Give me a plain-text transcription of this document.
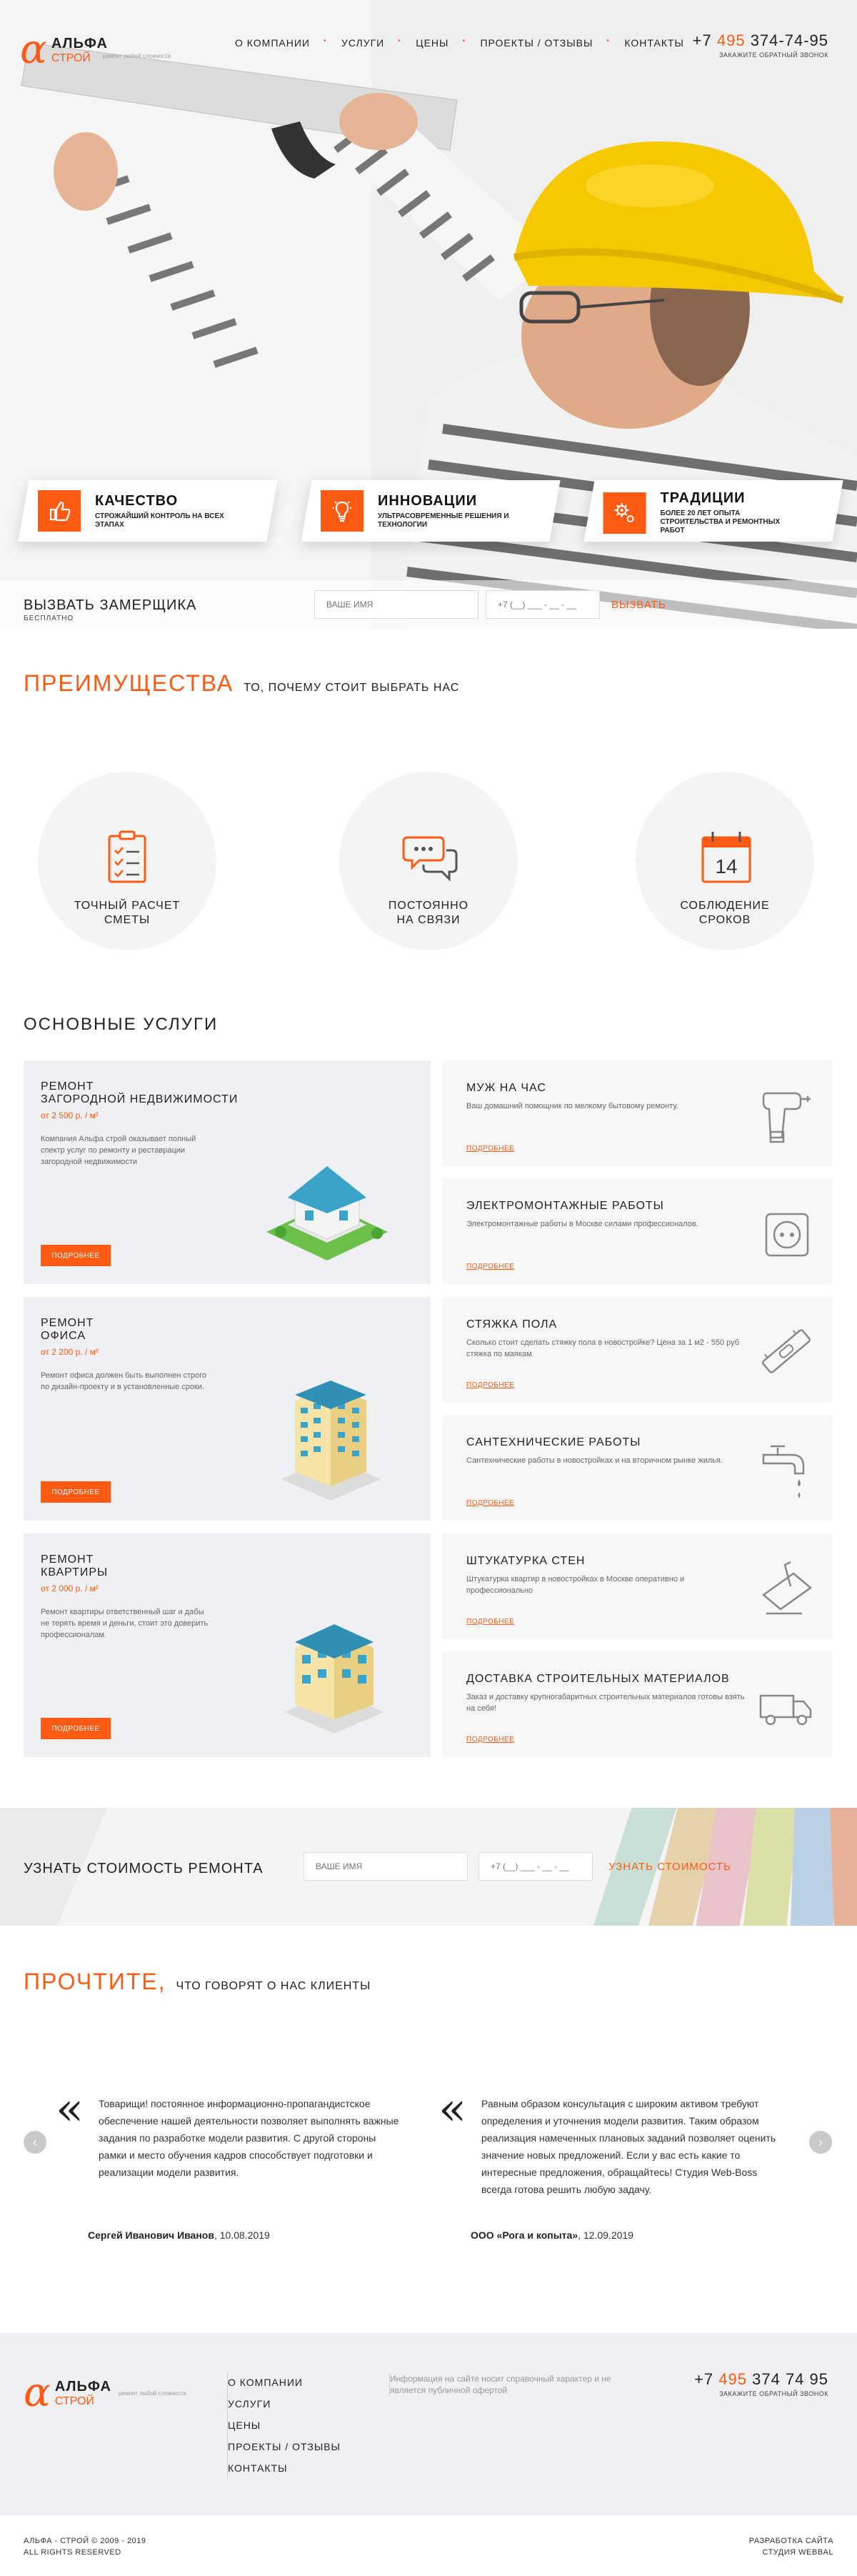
α АЛЬФА
СТРОЙ	ремонт любой сложности
О КОМПАНИИ	• УСЛУГИ	• ЦЕНЫ	• ПРОЕКТЫ / ОТЗЫВЫ	• КОНТАКТЫ +7 495 374-74-95
ЗАКАЖИТЕ ОБРАТНЫЙ ЗВОНОК
КАЧЕСТВО
СТРОЖАЙШИЙ КОНТРОЛЬ НА ВСЕХ ЭТАПАХ
ИННОВАЦИИ
УЛЬТРАСОВРЕМЕННЫЕ РЕШЕНИЯ И ТЕХНОЛОГИИ
ТРАДИЦИИ
БОЛЕЕ 20 ЛЕТ ОПЫТА СТРОИТЕЛЬСТВА И РЕМОНТНЫХ РАБОТ
ВЫЗВАТЬ ЗАМЕРЩИКА
БЕСПЛАТНО
ВАШЕ ИМЯ
+7 (__) ___ - __ - __
ВЫЗВАТЬ
ПРЕИМУЩЕСТВА ТО, ПОЧЕМУ СТОИТ ВЫБРАТЬ НАС
14
ТОЧНЫЙ РАСЧЕТ
СМЕТЫ
ПОСТОЯННО
НА СВЯЗИ
СОБЛЮДЕНИЕ
СРОКОВ
ОСНОВНЫЕ УСЛУГИ
РЕМОНТ
ЗАГОРОДНОЙ НЕДВИЖИМОСТИ
от 2 500 р. / м²
Компания Альфа строй оказывает полный спектр услуг по ремонту и реставрации загородной недвижимости
ПОДРОБНЕЕ
РЕМОНТ
ОФИСА
от 2 200 р. / м²
Ремонт офиса должен быть выполнен строго по дизайн-проекту и в установленные сроки.
ПОДРОБНЕЕ
РЕМОНТ
КВАРТИРЫ
от 2 000 р. / м²
Ремонт квартиры ответственный шаг и дабы не терять время и деньги, стоит это доверить профессионалам.
ПОДРОБНЕЕ
МУЖ НА ЧАС
Ваш домашний помощник по мелкому бытовому ремонту.
ПОДРОБНЕЕ
ЭЛЕКТРОМОНТАЖНЫЕ РАБОТЫ
Электромонтажные работы в Москве силами профессионалов.
ПОДРОБНЕЕ
СТЯЖКА ПОЛА
Сколько стоит сделать стяжку пола в новостройке? Цена за 1 м2 - 550 руб стяжка по маякам.
ПОДРОБНЕЕ
САНТЕХНИЧЕСКИЕ РАБОТЫ
Сантехнические работы в новостройках и на вторичном рынке жилья.
ПОДРОБНЕЕ
ШТУКАТУРКА СТЕН
Штукатурка квартир в новостройках в Москве оперативно и профессионально
ПОДРОБНЕЕ
ДОСТАВКА СТРОИТЕЛЬНЫХ МАТЕРИАЛОВ
Заказ и доставку крупногабаритных строительных материалов готовы взять на себя!
ПОДРОБНЕЕ
УЗНАТЬ СТОИМОСТЬ РЕМОНТА
ВАШЕ ИМЯ
+7 (__) ___ - __ - __	УЗНАТЬ СТОИМОСТЬ
ПРОЧТИТЕ, ЧТО ГОВОРЯТ О НАС КЛИЕНТЫ
‹	›
« Товарищи! постоянное информационно-пропагандистское обеспечение нашей деятельности позволяет выполнять важные задания по разработке модели развития. С другой стороны рамки и место обучения кадров способствует подготовки и реализации модели развития.
Сергей Иванович Иванов, 10.08.2019
« Равным образом консультация с широким активом требуют определения и уточнения модели развития. Таким образом реализация намеченных плановых заданий позволяет оценить значение новых предложений. Если у вас есть какие то интересные предложения, обращайтесь! Студия Web-Boss всегда готова решить любую задачу.
ООО «Рога и копыта», 12.09.2019
α АЛЬФА
СТРОЙ
ремонт любой сложности
О КОМПАНИИ
УСЛУГИ
ЦЕНЫ
ПРОЕКТЫ / ОТЗЫВЫ
КОНТАКТЫ
Информация на сайте носит справочный характер и не является публичной офертой
+7 495 374 74 95
ЗАКАЖИТЕ ОБРАТНЫЙ ЗВОНОК
АЛЬФА - СТРОЙ © 2009 - 2019
ALL RIGHTS RESERVED
РАЗРАБОТКА САЙТА
СТУДИЯ WEBBAL
